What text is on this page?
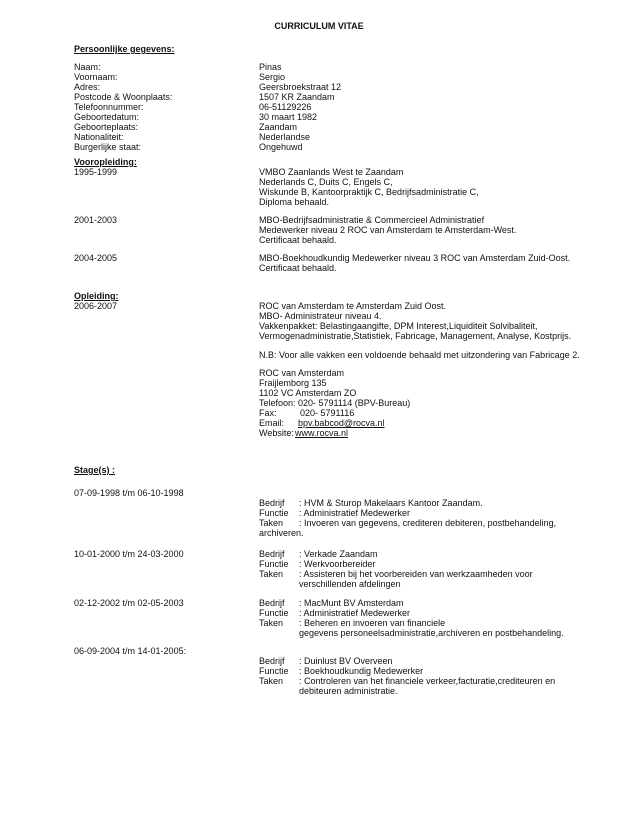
CURRICULUM VITAE
Persoonlijke gegevens:
Naam:	Pinas
Voornaam:	Sergio
Adres:	Geersbroekstraat 12
Postcode & Woonplaats:	1507 KR Zaandam
Telefoonnummer:	06-51129226
Geboortedatum:	30 maart 1982
Geboorteplaats:	Zaandam
Nationaliteit:	Nederlandse
Burgerlijke staat:	Ongehuwd
Vooropleiding:
1995-1999	VMBO Zaanlands West te Zaandam
Nederlands C, Duits C, Engels C,
Wiskunde B, Kantoorpraktijk C, Bedrijfsadministratie C,
Diploma behaald.
2001-2003	MBO-Bedrijfsadministratie & Commercieel Administratief
Medewerker niveau 2 ROC van Amsterdam te Amsterdam-West.
Certificaat behaald.
2004-2005	MBO-Boekhoudkundig Medewerker niveau 3 ROC van Amsterdam Zuid-Oost.
Certificaat behaald.
Opleiding:
2006-2007	ROC van Amsterdam te Amsterdam Zuid Oost.
MBO- Administrateur niveau 4.
Vakkenpakket: Belastingaangifte, DPM Interest,Liquiditeit Solvibaliteit,
Vermogenadministratie,Statistiek, Fabricage, Management, Analyse, Kostprijs.
N.B: Voor alle vakken een voldoende behaald met uitzondering van Fabricage 2.
ROC van Amsterdam
Fraijlemborg 135
1102 VC Amsterdam ZO
Telefoon: 020- 5791114 (BPV-Bureau)
Fax:	020- 5791116
Email: bpv.babcod@rocva.nl
Website: www.rocva.nl
Stage(s) :
07-09-1998 t/m 06-10-1998
Bedrijf : HVM & Sturop Makelaars Kantoor Zaandam.
Functie : Administratief Medewerker
Taken : Invoeren van gegevens, crediteren debiteren, postbehandeling,
archiveren.
10-01-2000 t/m 24-03-2000	Bedrijf : Verkade Zaandam
Functie : Werkvoorbereider
Taken : Assisteren bij het voorbereiden van werkzaamheden voor
verschillenden afdelingen
02-12-2002 t/m 02-05-2003	Bedrijf : MacMunt BV Amsterdam
Functie : Administratief Medewerker
Taken : Beheren en invoeren van financiele
gegevens personeelsadministratie,archiveren en postbehandeling.
06-09-2004 t/m 14-01-2005:
Bedrijf : Duinlust BV Overveen
Functie : Boekhoudkundig Medewerker
Taken : Controleren van het financiele verkeer,facturatie,crediteuren en
debiteuren administratie.
